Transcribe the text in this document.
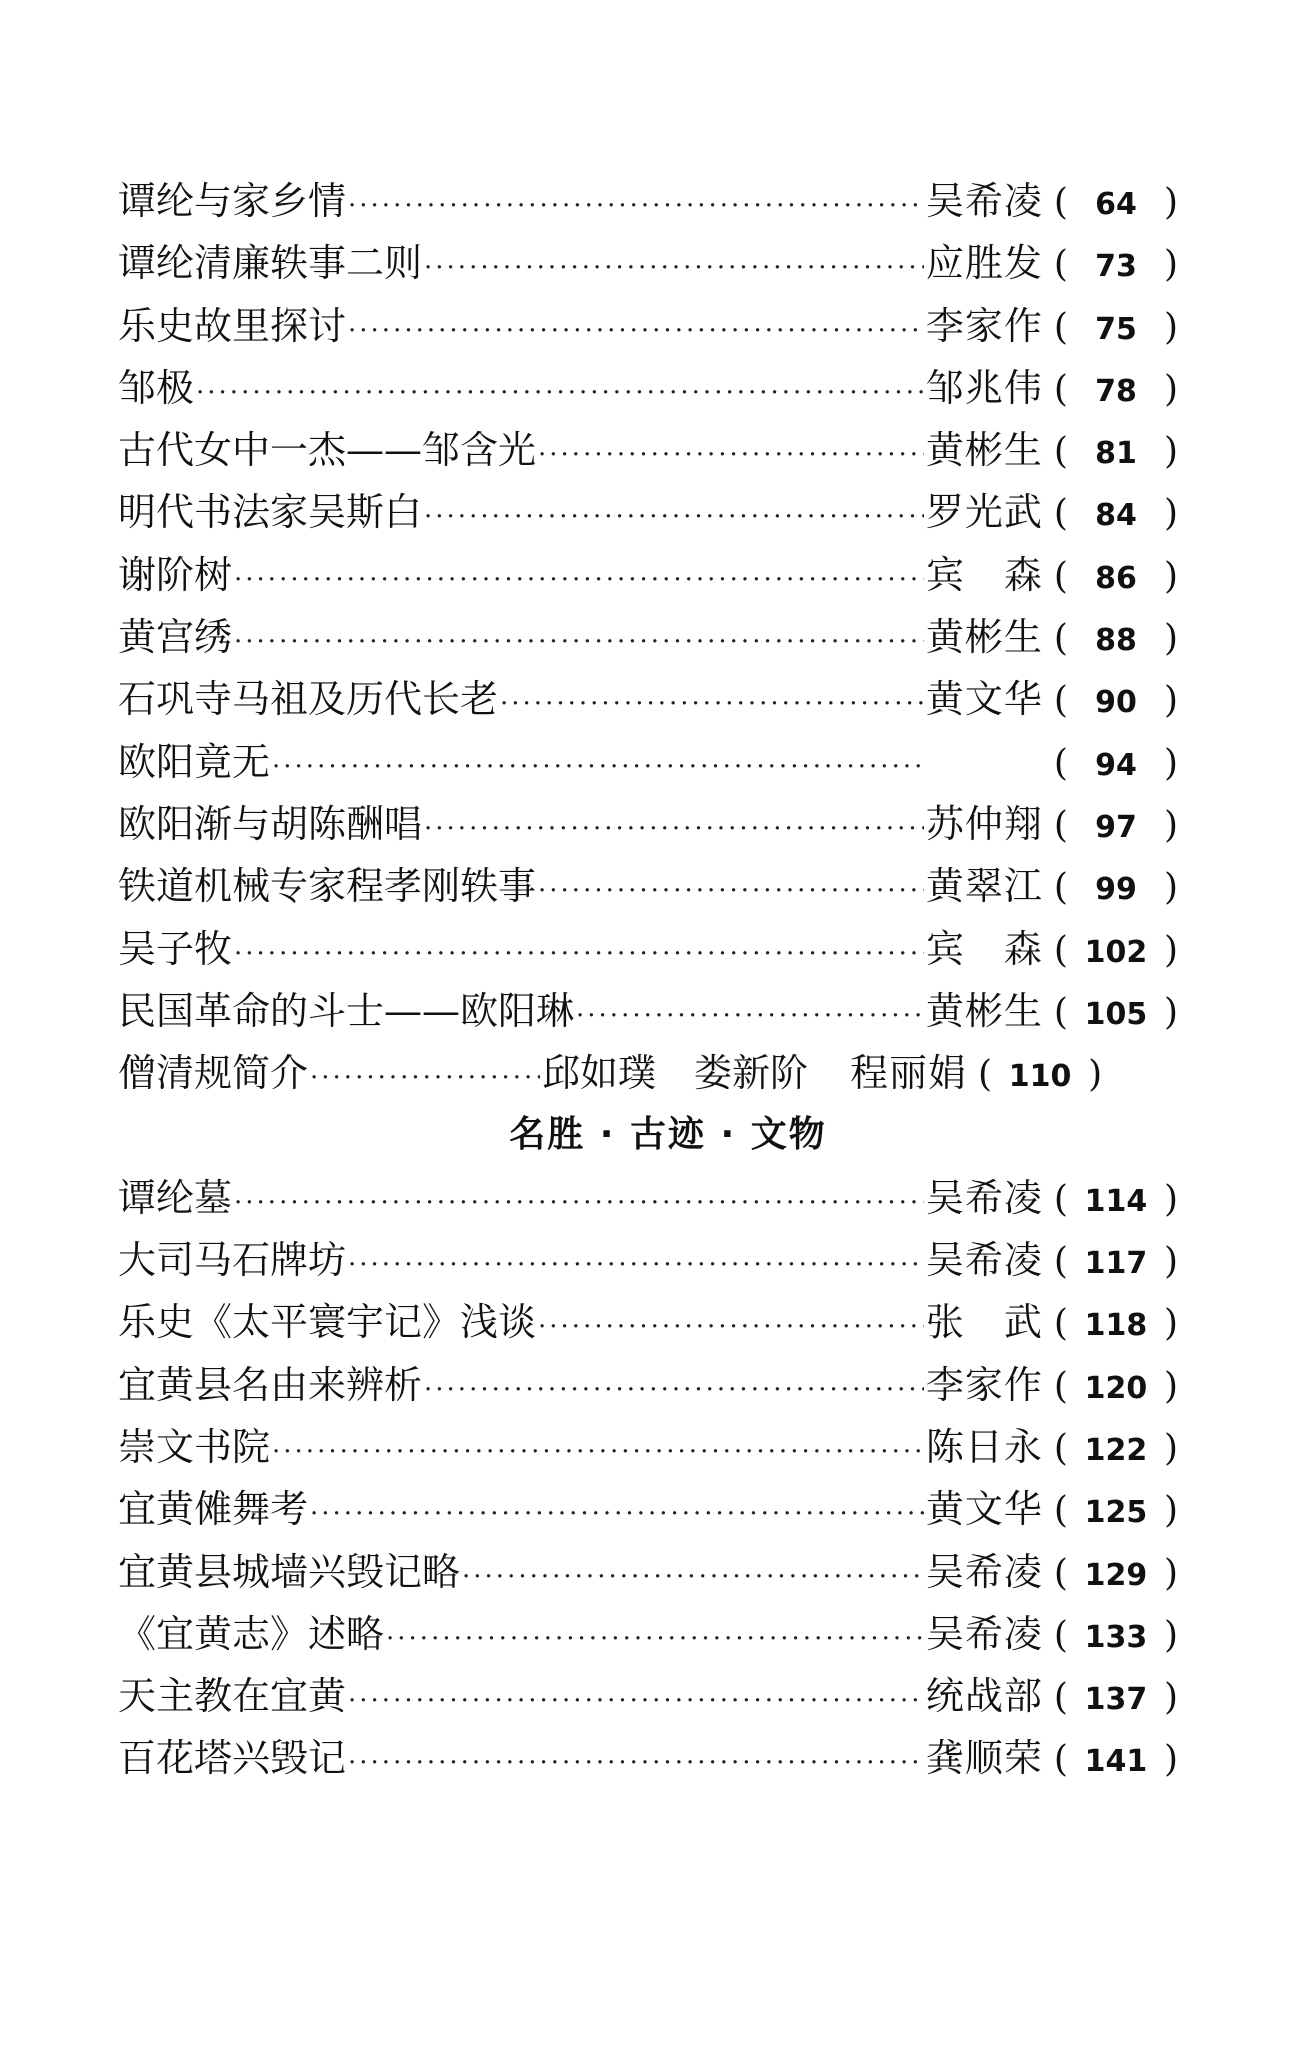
谭纶与家乡情 ·····	吴希凌 ( 64 )
谭纶清廉轶事二则 ·····	应胜发 ( 73 )
乐史故里探讨 ·····	李家作 ( 75 )
邹极 ·····	邹兆伟 ( 78 )
古代女中一杰——邹含光 ·····	黄彬生 ( 81 )
明代书法家吴斯白 ·····	罗光武 ( 84 )
谢阶树 ·····	宾　森 ( 86 )
黄宫绣 ·····	黄彬生 ( 88 )
石巩寺马祖及历代长老 ·····	黄文华 ( 90 )
欧阳竟无 ·····	( 94 )
欧阳渐与胡陈酬唱 ·····	苏仲翔 ( 97 )
铁道机械专家程孝刚轶事 ·····	黄翠江 ( 99 )
吴子牧 ·····	宾　森 ( 102 )
民国革命的斗士——欧阳琳 ·····	黄彬生 ( 105 )
僧清规简介 ·····	邱如璞　娄新阶 程丽娟 ( 110 )
名胜 · 古迹 · 文物
谭纶墓 ·····	吴希凌 ( 114 )
大司马石牌坊 ·····	吴希凌 ( 117 )
乐史《太平寰宇记》浅谈 ·····	张　武 ( 118 )
宜黄县名由来辨析 ·····	李家作 ( 120 )
崇文书院 ·····	陈日永 ( 122 )
宜黄傩舞考 ·····	黄文华 ( 125 )
宜黄县城墙兴毁记略 ·····	吴希凌 ( 129 )
《宜黄志》述略 ·····	吴希凌 ( 133 )
天主教在宜黄 ·····	统战部 ( 137 )
百花塔兴毁记 ·····	龚顺荣 ( 141 )
